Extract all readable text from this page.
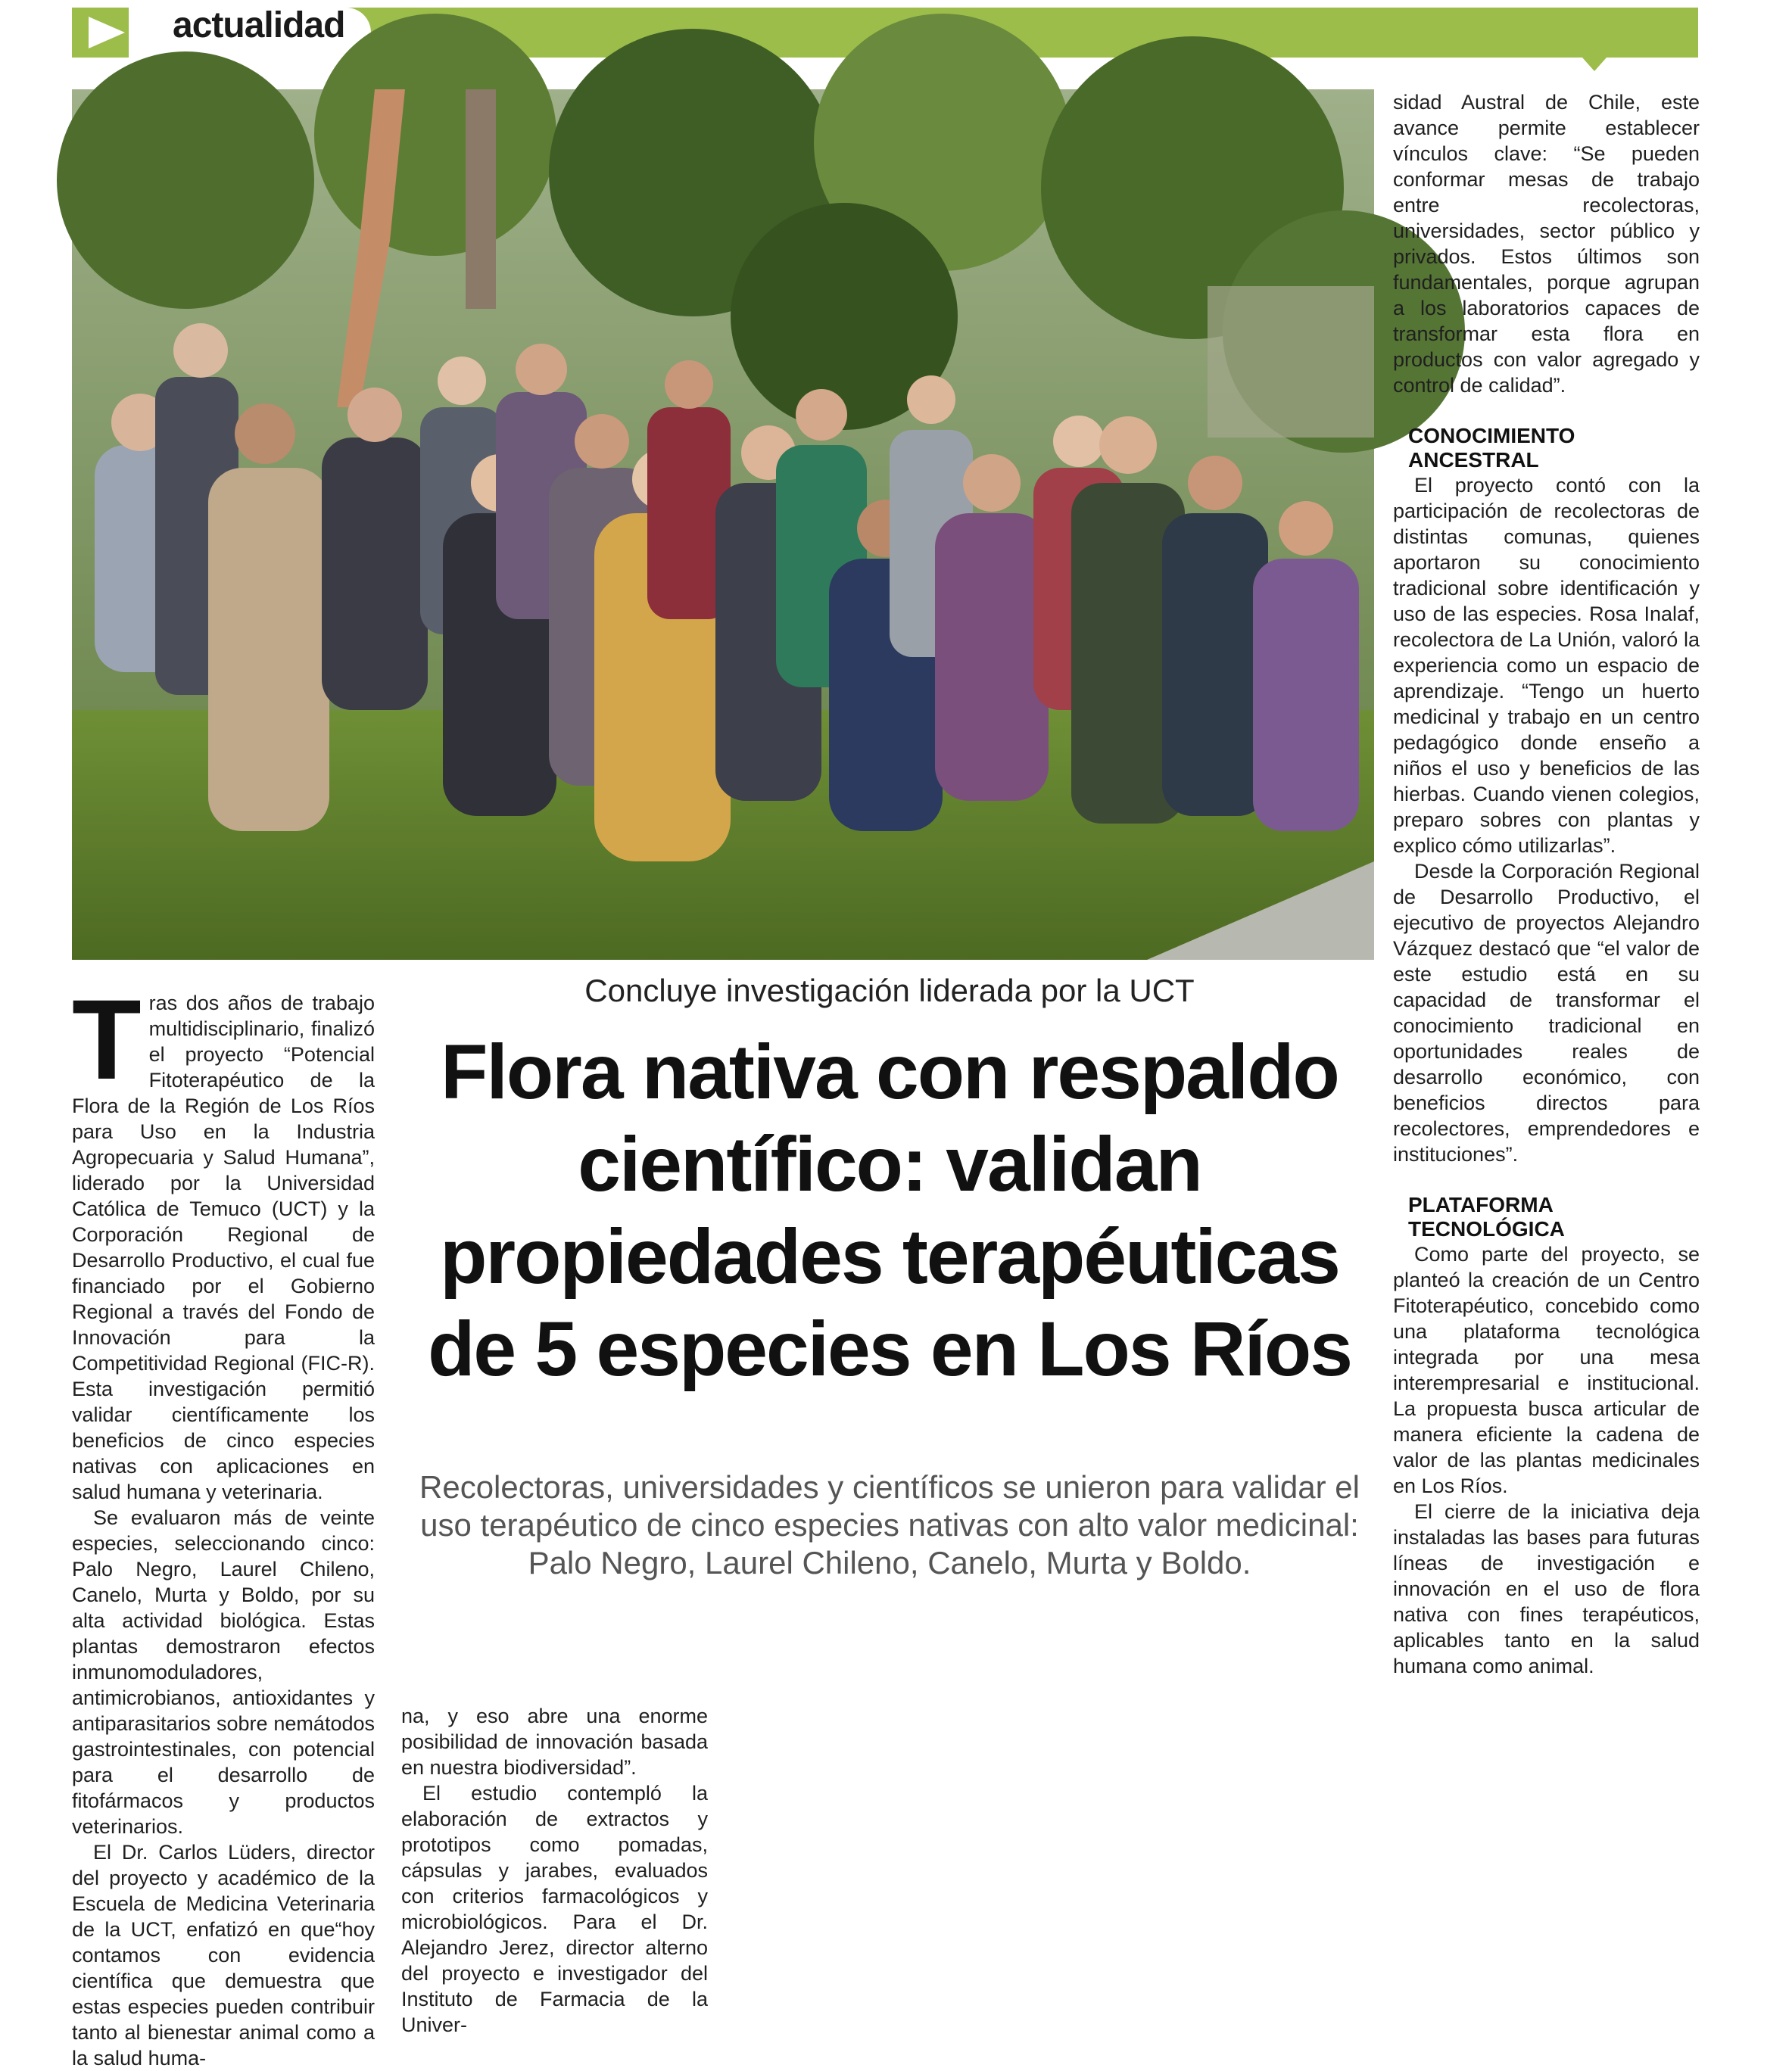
actualidad
Concluye investigación liderada por la UCT
Flora nativa con respaldo científico: validan propiedades terapéuticas de 5 especies en Los Ríos
Recolectoras, universidades y científicos se unieron para validar el uso terapéutico de cinco especies nativas con alto valor medicinal: Palo Negro, Laurel Chileno, Canelo, Murta y Boldo.

Tras dos años de trabajo multidisciplinario, finalizó el proyecto “Potencial Fitoterapéutico de la Flora de la Región de Los Ríos para Uso en la Industria Agropecuaria y Salud Humana”, liderado por la Universidad Católica de Temuco (UCT) y la Corporación Regional de Desarrollo Productivo, el cual fue financiado por el Gobierno Regional a través del Fondo de Innovación para la Competitividad Regional (FIC-R). Esta investigación permitió validar científicamente los beneficios de cinco especies nativas con aplicaciones en salud humana y veterinaria.

Se evaluaron más de veinte especies, seleccionando cinco: Palo Negro, Laurel Chileno, Canelo, Murta y Boldo, por su alta actividad biológica. Estas plantas demostraron efectos inmunomoduladores, antimicrobianos, antioxidantes y antiparasitarios sobre nemátodos gastrointestinales, con potencial para el desarrollo de fitofármacos y productos veterinarios.

El Dr. Carlos Lüders, director del proyecto y académico de la Escuela de Medicina Veterinaria de la UCT, enfatizó en que“hoy contamos con evidencia científica que demuestra que estas especies pueden contribuir tanto al bienestar animal como a la salud huma-

na, y eso abre una enorme posibilidad de innovación basada en nuestra biodiversidad”.

El estudio contempló la elaboración de extractos y prototipos como pomadas, cápsulas y jarabes, evaluados con criterios farmacológicos y microbiológicos. Para el Dr. Alejandro Jerez, director alterno del proyecto e investigador del Instituto de Farmacia de la Univer-

sidad Austral de Chile, este avance permite establecer vínculos clave: “Se pueden conformar mesas de trabajo entre recolectoras, universidades, sector público y privados. Estos últimos son fundamentales, porque agrupan a los laboratorios capaces de transformar esta flora en productos con valor agregado y control de calidad”.

CONOCIMIENTO ANCESTRAL

El proyecto contó con la participación de recolectoras de distintas comunas, quienes aportaron su conocimiento tradicional sobre identificación y uso de las especies. Rosa Inalaf, recolectora de La Unión, valoró la experiencia como un espacio de aprendizaje. “Tengo un huerto medicinal y trabajo en un centro pedagógico donde enseño a niños el uso y beneficios de las hierbas. Cuando vienen colegios, preparo sobres con plantas y explico cómo utilizarlas”.

Desde la Corporación Regional de Desarrollo Productivo, el ejecutivo de proyectos Alejandro Vázquez destacó que “el valor de este estudio está en su capacidad de transformar el conocimiento tradicional en oportunidades reales de desarrollo económico, con beneficios directos para recolectores, emprendedores e instituciones”.

PLATAFORMA TECNOLÓGICA

Como parte del proyecto, se planteó la creación de un Centro Fitoterapéutico, concebido como una plataforma tecnológica integrada por una mesa interempresarial e institucional. La propuesta busca articular de manera eficiente la cadena de valor de las plantas medicinales en Los Ríos.

El cierre de la iniciativa deja instaladas las bases para futuras líneas de investigación e innovación en el uso de flora nativa con fines terapéuticos, aplicables tanto en la salud humana como animal.
